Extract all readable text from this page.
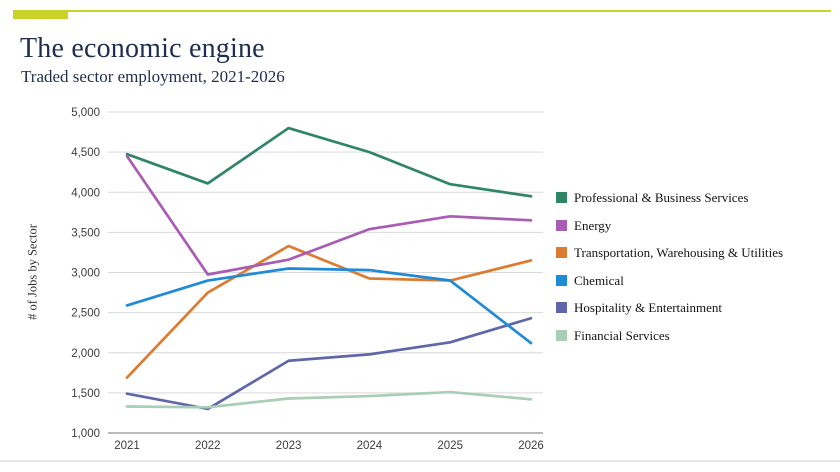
The economic engine
Traded sector employment, 2021-2026
# of Jobs by Sector
5,000
4,500
4,000
3,500
3,000
2,500
2,000
1,500
1,000
2021	2022	2023	2024	2025	2026
Professional & Business Services
Energy
Transportation, Warehousing & Utilities
Chemical
Hospitality & Entertainment
Financial Services
